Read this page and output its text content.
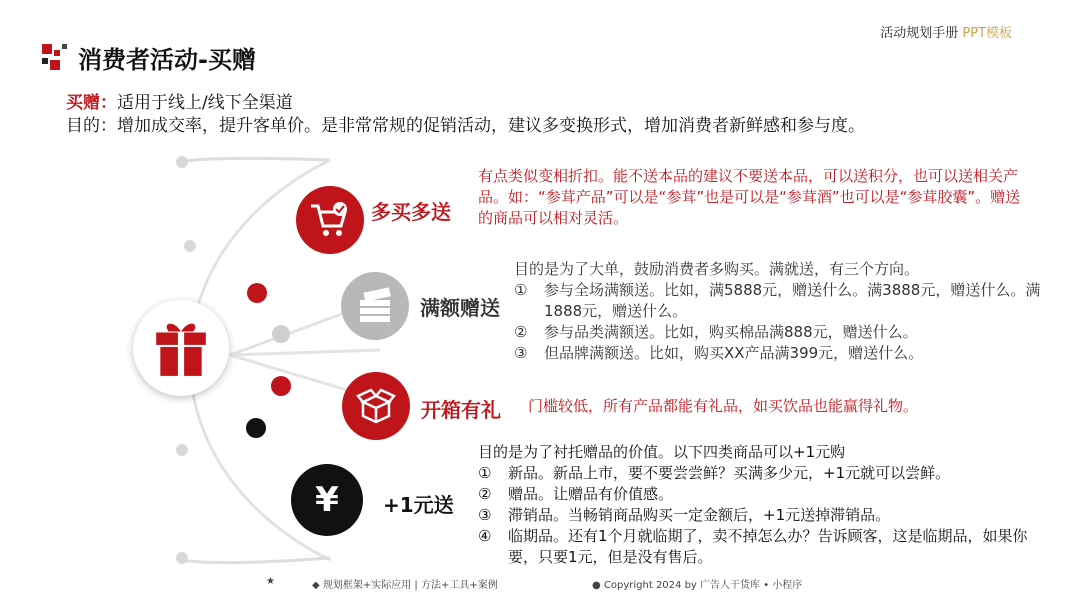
消费者活动-买赠
活动规划手册 PPT模板
买赠：适用于线上/线下全渠道
目的：增加成交率，提升客单价。是非常常规的促销活动，建议多变换形式，增加消费者新鲜感和参与度。
多买多送
有点类似变相折扣。能不送本品的建议不要送本品，可以送积分，也可以送相关产品。如：“参茸产品”可以是“参茸”也是可以是“参茸酒”也可以是“参茸胶囊”。赠送的商品可以相对灵活。
满额赠送
目的是为了大单，鼓励消费者多购买。满就送，有三个方向。
①	参与全场满额送。比如，满5888元，赠送什么。满3888元，赠送什么。满1888元，赠送什么。
②	参与品类满额送。比如，购买棉品满888元，赠送什么。
③	但品牌满额送。比如，购买XX产品满399元，赠送什么。
开箱有礼 门槛较低，所有产品都能有礼品，如买饮品也能赢得礼物。
¥ +1元送
目的是为了衬托赠品的价值。以下四类商品可以+1元购
①	新品。新品上市，要不要尝尝鲜？买满多少元，+1元就可以尝鲜。
②	赠品。让赠品有价值感。
③	滞销品。当畅销商品购买一定金额后，+1元送掉滞销品。
④	临期品。还有1个月就临期了，卖不掉怎么办？告诉顾客，这是临期品，如果你要，只要1元，但是没有售后。
★	◆ 规划框架+实际应用 | 方法+工具+案例	● Copyright 2024 by 广告人干货库 • 小程序
